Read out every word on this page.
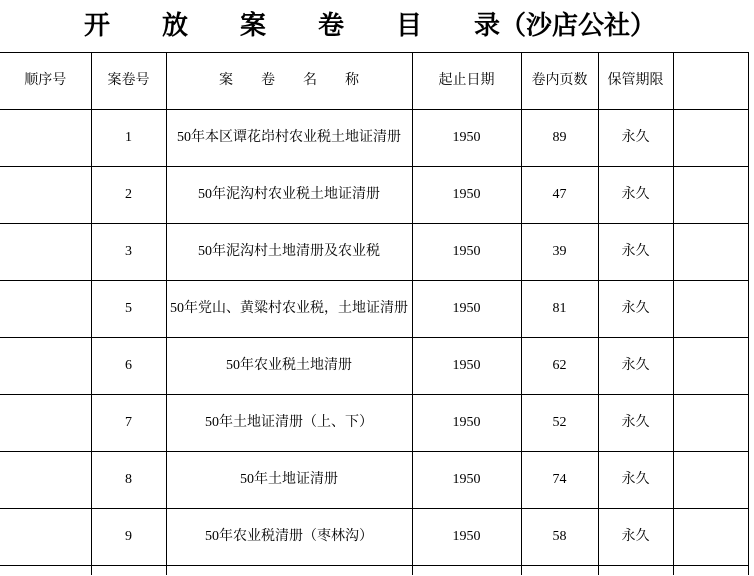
开　　放　　案　　卷　　目　　录（沙店公社）
顺序号	案卷号	案　　卷　　名　　称	起止日期	卷内页数	保管期限	
	1	50年本区谭花岇村农业税土地证清册	1950	89	永久	
	2	50年泥沟村农业税土地证清册	1950	47	永久	
	3	50年泥沟村土地清册及农业税	1950	39	永久	
	5	50年党山、黄粱村农业税，土地证清册	1950	81	永久	
	6	50年农业税土地清册	1950	62	永久	
	7	50年土地证清册（上、下）	1950	52	永久	
	8	50年土地证清册	1950	74	永久	
	9	50年农业税清册（枣林沟）	1950	58	永久	
